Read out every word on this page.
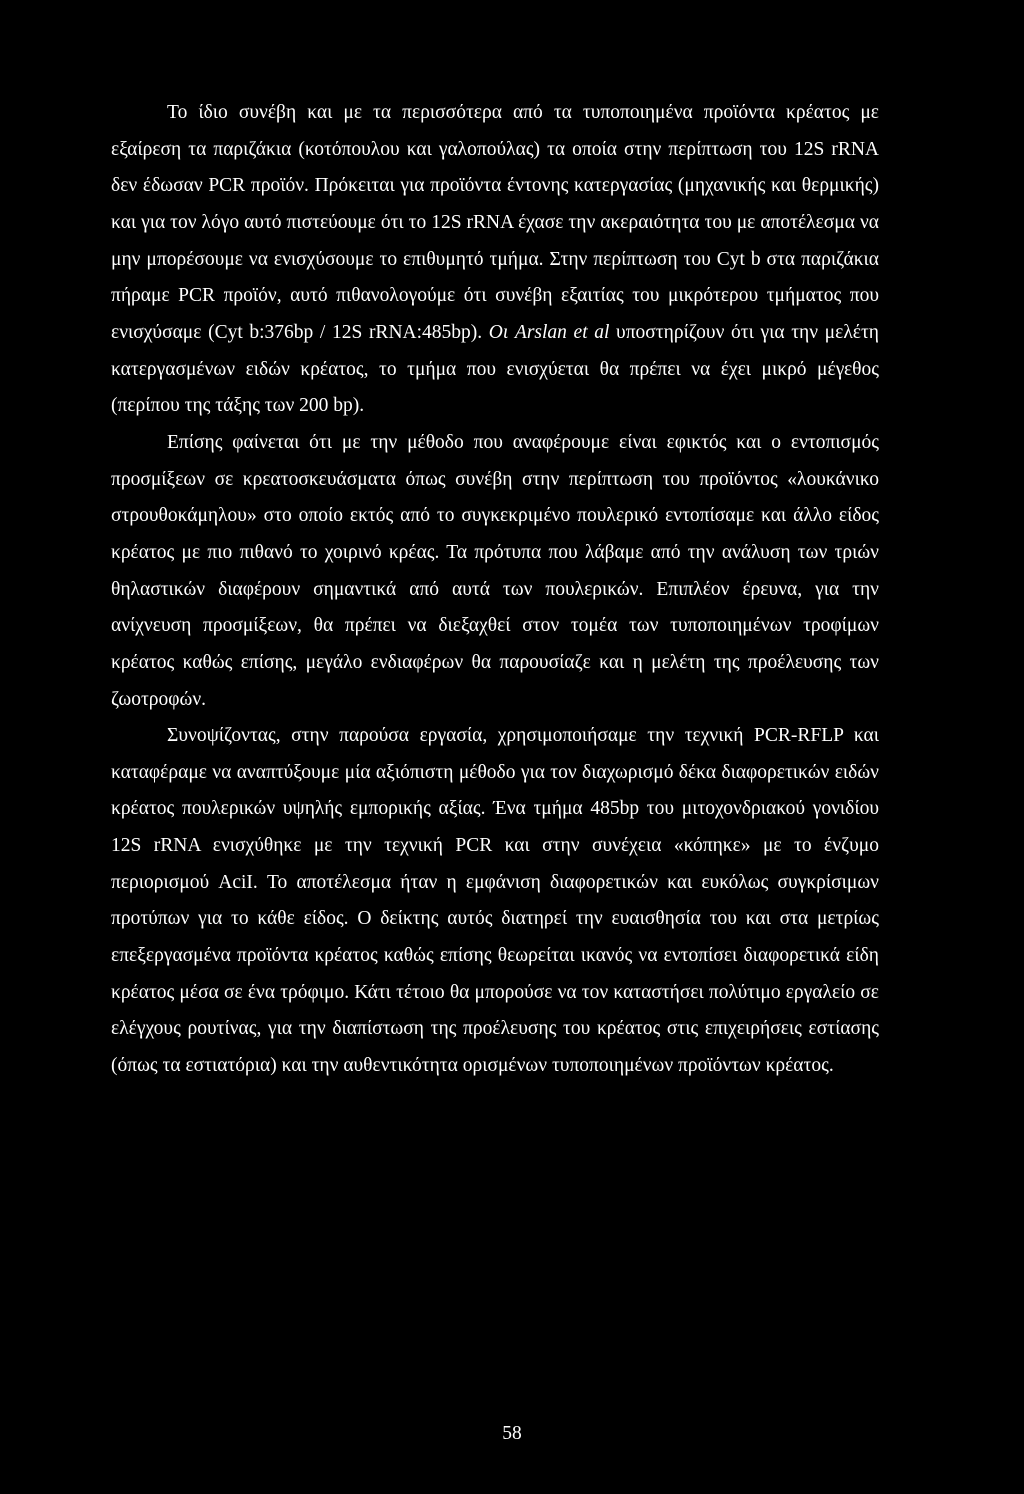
Το ίδιο συνέβη και με τα περισσότερα από τα τυποποιημένα προϊόντα κρέατος με εξαίρεση τα παριζάκια (κοτόπουλου και γαλοπούλας) τα οποία στην περίπτωση του 12S rRNA δεν έδωσαν PCR προϊόν. Πρόκειται για προϊόντα έντονης κατεργασίας (μηχανικής και θερμικής) και για τον λόγο αυτό πιστεύουμε ότι το 12S rRNA έχασε την ακεραιότητα του με αποτέλεσμα να μην μπορέσουμε να ενισχύσουμε το επιθυμητό τμήμα. Στην περίπτωση του Cyt b στα παριζάκια πήραμε PCR προϊόν, αυτό πιθανολογούμε ότι συνέβη εξαιτίας του μικρότερου τμήματος που ενισχύσαμε (Cyt b:376bp / 12S rRNA:485bp). Οι Arslan et al υποστηρίζουν ότι για την μελέτη κατεργασμένων ειδών κρέατος, το τμήμα που ενισχύεται θα πρέπει να έχει μικρό μέγεθος (περίπου της τάξης των 200 bp).

Επίσης φαίνεται ότι με την μέθοδο που αναφέρουμε είναι εφικτός και ο εντοπισμός προσμίξεων σε κρεατοσκευάσματα όπως συνέβη στην περίπτωση του προϊόντος «λουκάνικο στρουθοκάμηλου» στο οποίο εκτός από το συγκεκριμένο πουλερικό εντοπίσαμε και άλλο είδος κρέατος με πιο πιθανό το χοιρινό κρέας. Τα πρότυπα που λάβαμε από την ανάλυση των τριών θηλαστικών διαφέρουν σημαντικά από αυτά των πουλερικών. Επιπλέον έρευνα, για την ανίχνευση προσμίξεων, θα πρέπει να διεξαχθεί στον τομέα των τυποποιημένων τροφίμων κρέατος καθώς επίσης, μεγάλο ενδιαφέρων θα παρουσίαζε και η μελέτη της προέλευσης των ζωοτροφών.

Συνοψίζοντας, στην παρούσα εργασία, χρησιμοποιήσαμε την τεχνική PCR-RFLP και καταφέραμε να αναπτύξουμε μία αξιόπιστη μέθοδο για τον διαχωρισμό δέκα διαφορετικών ειδών κρέατος πουλερικών υψηλής εμπορικής αξίας. Ένα τμήμα 485bp του μιτοχονδριακού γονιδίου 12S rRNA ενισχύθηκε με την τεχνική PCR και στην συνέχεια «κόπηκε» με το ένζυμο περιορισμού AciI. Το αποτέλεσμα ήταν η εμφάνιση διαφορετικών και ευκόλως συγκρίσιμων προτύπων για το κάθε είδος. Ο δείκτης αυτός διατηρεί την ευαισθησία του και στα μετρίως επεξεργασμένα προϊόντα κρέατος καθώς επίσης θεωρείται ικανός να εντοπίσει διαφορετικά είδη κρέατος μέσα σε ένα τρόφιμο. Κάτι τέτοιο θα μπορούσε να τον καταστήσει πολύτιμο εργαλείο σε ελέγχους ρουτίνας, για την διαπίστωση της προέλευσης του κρέατος στις επιχειρήσεις εστίασης (όπως τα εστιατόρια) και την αυθεντικότητα ορισμένων τυποποιημένων προϊόντων κρέατος.

58
